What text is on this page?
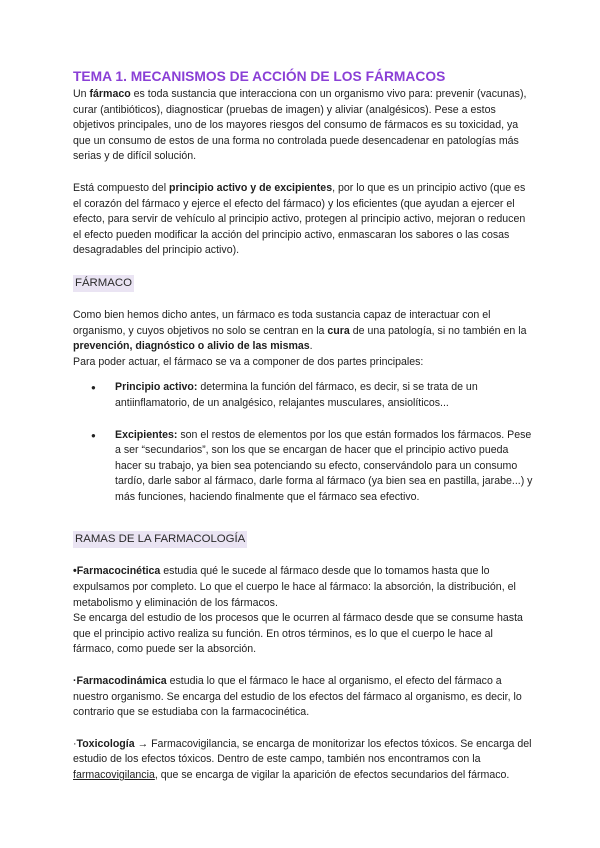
TEMA 1. MECANISMOS DE ACCIÓN DE LOS FÁRMACOS

Un fármaco es toda sustancia que interacciona con un organismo vivo para: prevenir (vacunas), curar (antibióticos), diagnosticar (pruebas de imagen) y aliviar (analgésicos). Pese a estos objetivos principales, uno de los mayores riesgos del consumo de fármacos es su toxicidad, ya que un consumo de estos de una forma no controlada puede desencadenar en patologías más serias y de difícil solución.

Está compuesto del principio activo y de excipientes, por lo que es un principio activo (que es el corazón del fármaco y ejerce el efecto del fármaco) y los eficientes (que ayudan a ejercer el efecto, para servir de vehículo al principio activo, protegen al principio activo, mejoran o reducen el efecto pueden modificar la acción del principio activo, enmascaran los sabores o las cosas desagradables del principio activo).

FÁRMACO

Como bien hemos dicho antes, un fármaco es toda sustancia capaz de interactuar con el organismo, y cuyos objetivos no solo se centran en la cura de una patología, si no también en la prevención, diagnóstico o alivio de las mismas.

Para poder actuar, el fármaco se va a componer de dos partes principales:

● Principio activo: determina la función del fármaco, es decir, si se trata de un antiinflamatorio, de un analgésico, relajantes musculares, ansiolíticos...
● Excipientes: son el restos de elementos por los que están formados los fármacos. Pese a ser “secundarios”, son los que se encargan de hacer que el principio activo pueda hacer su trabajo, ya bien sea potenciando su efecto, conservándolo para un consumo tardío, darle sabor al fármaco, darle forma al fármaco (ya bien sea en pastilla, jarabe...) y más funciones, haciendo finalmente que el fármaco sea efectivo.
RAMAS DE LA FARMACOLOGÍA

•Farmacocinética estudia qué le sucede al fármaco desde que lo tomamos hasta que lo expulsamos por completo. Lo que el cuerpo le hace al fármaco: la absorción, la distribución, el metabolismo y eliminación de los fármacos.

Se encarga del estudio de los procesos que le ocurren al fármaco desde que se consume hasta que el principio activo realiza su función. En otros términos, es lo que el cuerpo le hace al fármaco, como puede ser la absorción.

·Farmacodinámica estudia lo que el fármaco le hace al organismo, el efecto del fármaco a nuestro organismo. Se encarga del estudio de los efectos del fármaco al organismo, es decir, lo contrario que se estudiaba con la farmacocinética.

·Toxicología → Farmacovigilancia, se encarga de monitorizar los efectos tóxicos. Se encarga del estudio de los efectos tóxicos. Dentro de este campo, también nos encontramos con la farmacovigilancia, que se encarga de vigilar la aparición de efectos secundarios del fármaco.
